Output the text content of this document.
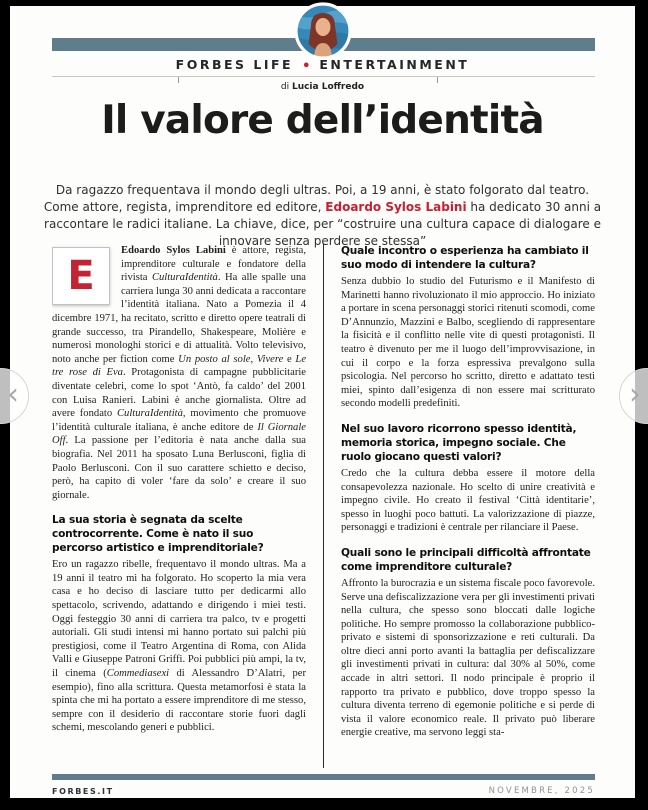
FORBES LIFE • ENTERTAINMENT
di Lucia Loffredo
Il valore dell’identità

Da ragazzo frequentava il mondo degli ultras. Poi, a 19 anni, è stato folgorato dal teatro. Come attore, regista, imprenditore ed editore, Edoardo Sylos Labini ha dedicato 30 anni a raccontare le radici italiane. La chiave, dice, per “costruire una cultura capace di dialogare e innovare senza perdere se stessa”

E
Edoardo Sylos Labini è attore, regista, imprenditore culturale e fondatore della rivista CulturaIdentità. Ha alle spalle una carriera lunga 30 anni dedicata a raccontare l’identità italiana. Nato a Pomezia il 4 dicembre 1971, ha recitato, scritto e diretto opere teatrali di grande successo, tra Pirandello, Shakespeare, Molière e numerosi monologhi storici e di attualità. Volto televisivo, noto anche per fiction come Un posto al sole, Vivere e Le tre rose di Eva. Protagonista di campagne pubblicitarie diventate celebri, come lo spot ‘Antò, fa caldo’ del 2001 con Luisa Ranieri. Labini è anche giornalista. Oltre ad avere fondato CulturaIdentità, movimento che promuove l’identità culturale italiana, è anche editore de Il Giornale Off. La passione per l’editoria è nata anche dalla sua biografia. Nel 2011 ha sposato Luna Berlusconi, figlia di Paolo Berlusconi. Con il suo carattere schietto e deciso, però, ha capito di voler ‘fare da solo’ e creare il suo giornale.
La sua storia è segnata da scelte controcorrente. Come è nato il suo percorso artistico e imprenditoriale?
Ero un ragazzo ribelle, frequentavo il mondo ultras. Ma a 19 anni il teatro mi ha folgorato. Ho scoperto la mia vera casa e ho deciso di lasciare tutto per dedicarmi allo spettacolo, scrivendo, adattando e dirigendo i miei testi. Oggi festeggio 30 anni di carriera tra palco, tv e progetti autoriali. Gli studi intensi mi hanno portato sui palchi più prestigiosi, come il Teatro Argentina di Roma, con Alida Valli e Giuseppe Patroni Griffi. Poi pubblici più ampi, la tv, il cinema (Commediasexi di Alessandro D’Alatri, per esempio), fino alla scrittura. Questa metamorfosi è stata la spinta che mi ha portato a essere imprenditore di me stesso, sempre con il desiderio di raccontare storie fuori dagli schemi, mescolando generi e pubblici.
Quale incontro o esperienza ha cambiato il suo modo di intendere la cultura?
Senza dubbio lo studio del Futurismo e il Manifesto di Marinetti hanno rivoluzionato il mio approccio. Ho iniziato a portare in scena personaggi storici ritenuti scomodi, come D’Annunzio, Mazzini e Balbo, scegliendo di rappresentare la fisicità e il conflitto nelle vite di questi protagonisti. Il teatro è divenuto per me il luogo dell’improvvisazione, in cui il corpo e la forza espressiva prevalgono sulla psicologia. Nel percorso ho scritto, diretto e adattato testi miei, spinto dall’esigenza di non essere mai scritturato secondo modelli predefiniti.
Nel suo lavoro ricorrono spesso identità, memoria storica, impegno sociale. Che ruolo giocano questi valori?
Credo che la cultura debba essere il motore della consapevolezza nazionale. Ho scelto di unire creatività e impegno civile. Ho creato il festival ‘Città identitarie’, spesso in luoghi poco battuti. La valorizzazione di piazze, personaggi e tradizioni è centrale per rilanciare il Paese.
Quali sono le principali difficoltà affrontate come imprenditore culturale?
Affronto la burocrazia e un sistema fiscale poco favorevole. Serve una defiscalizzazione vera per gli investimenti privati nella cultura, che spesso sono bloccati dalle logiche politiche. Ho sempre promosso la collaborazione pubblico-privato e sistemi di sponsorizzazione e reti culturali. Da oltre dieci anni porto avanti la battaglia per defiscalizzare gli investimenti privati in cultura: dal 30% al 50%, come accade in altri settori. Il nodo principale è proprio il rapporto tra privato e pubblico, dove troppo spesso la cultura diventa terreno di egemonie politiche e si perde di vista il valore economico reale. Il privato può liberare energie creative, ma servono leggi sta-
FORBES.IT	NOVEMBRE, 2025
‹	›
